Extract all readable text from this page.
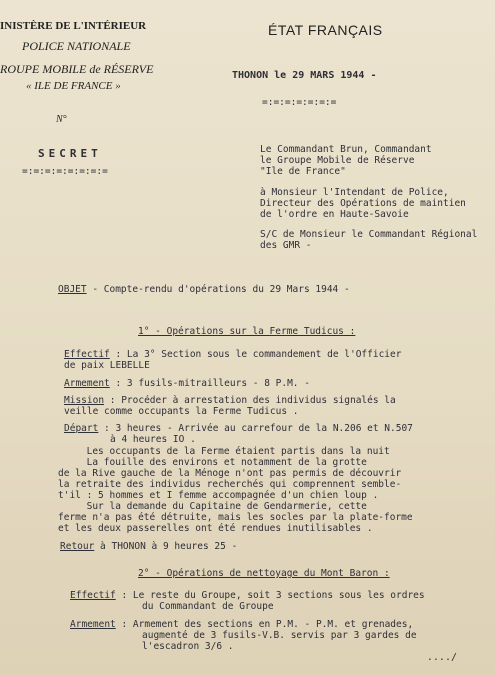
INISTÈRE DE L'INTÉRIEUR
POLICE NATIONALE
ROUPE MOBILE de RÉSERVE
« ILE DE FRANCE »
N°
ÉTAT FRANÇAIS
THONON le 29 MARS 1944 -
=:=:=:=:=:=:=
SECRET
=:=:=:=:=:=:=:=
Le Commandant Brun, Commandant
le Groupe Mobile de Réserve
"Ile de France"
à Monsieur l'Intendant de Police,
Directeur des Opérations de maintien
de l'ordre en Haute-Savoie
S/C de Monsieur le Commandant Régional
des GMR -
OBJET - Compte-rendu d'opérations du 29 Mars 1944 -
1° - Opérations sur la Ferme Tudicus :
Effectif : La 3° Section sous le commandement de l'Officier
de paix LEBELLE
Armement : 3 fusils-mitrailleurs - 8 P.M. -
Mission : Procéder à arrestation des individus signalés la
veille comme occupants la Ferme Tudicus .
Départ : 3 heures - Arrivée au carrefour de la N.206 et N.507
à 4 heures IO .
Les occupants de la Ferme étaient partis dans la nuit
La fouille des environs et notamment de la grotte
de la Rive gauche de la Ménoge n'ont pas permis de découvrir
la retraite des individus recherchés qui comprennent semble-
t'il : 5 hommes et I femme accompagnée d'un chien loup .
Sur la demande du Capitaine de Gendarmerie, cette
ferme n'a pas été détruite, mais les socles par la plate-forme
et les deux passerelles ont été rendues inutilisables .
Retour à THONON à 9 heures 25 -
2° - Opérations de nettoyage du Mont Baron :
Effectif : Le reste du Groupe, soit 3 sections sous les ordres
du Commandant de Groupe
Armement : Armement des sections en P.M. - P.M. et grenades,
augmenté de 3 fusils-V.B. servis par 3 gardes de
l'escadron 3/6 .
..../
